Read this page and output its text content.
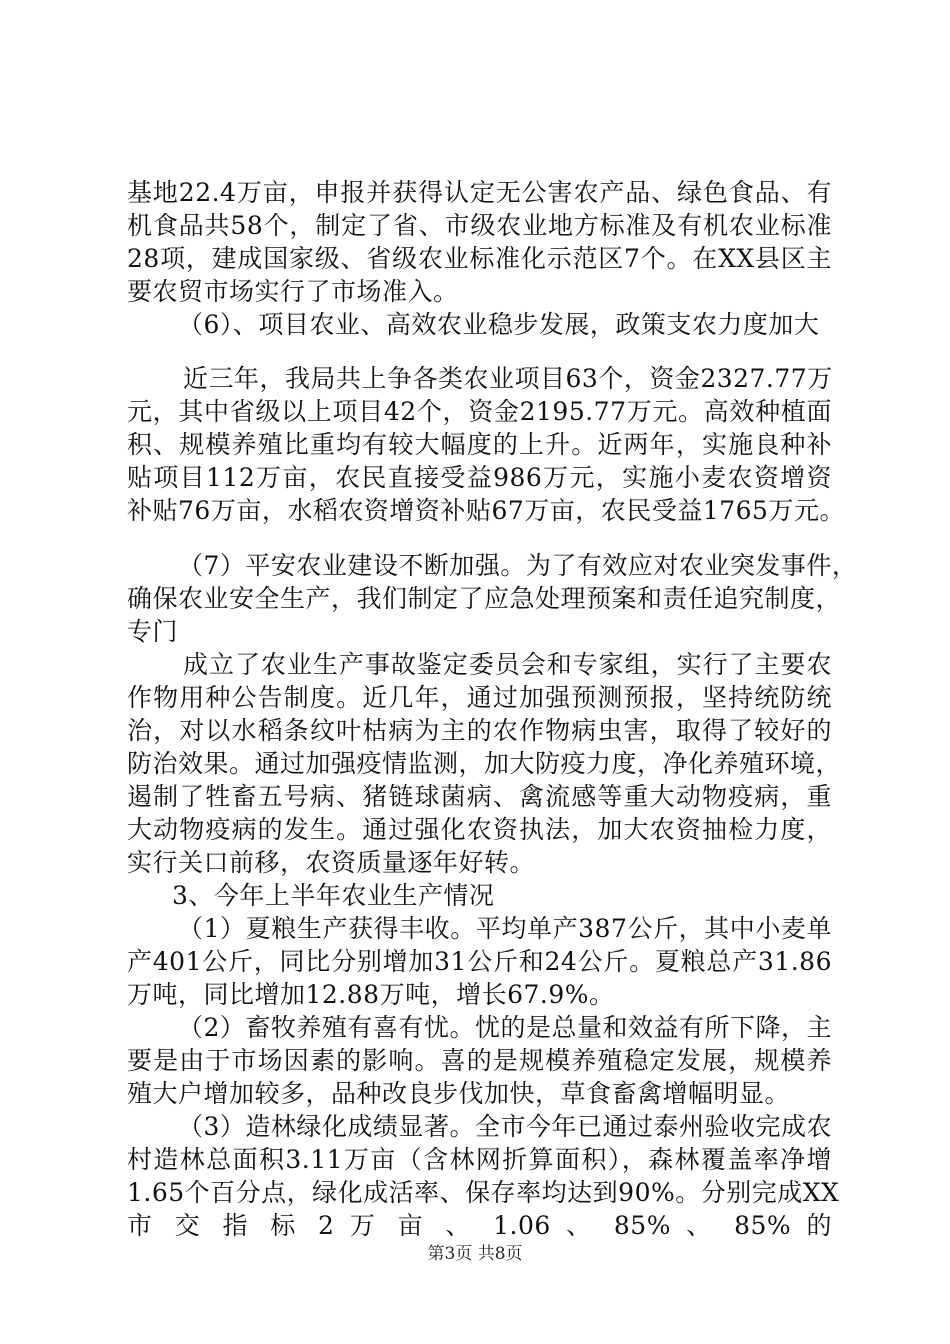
基地22.4万亩，申报并获得认定无公害农产品、绿色食品、有
机食品共58个，制定了省、市级农业地方标准及有机农业标准
28项，建成国家级、省级农业标准化示范区7个。在XX县区主
要农贸市场实行了市场准入。
（6）、项目农业、高效农业稳步发展，政策支农力度加大
近三年，我局共上争各类农业项目63个，资金2327.77万
元，其中省级以上项目42个，资金2195.77万元。高效种植面
积、规模养殖比重均有较大幅度的上升。近两年，实施良种补
贴项目112万亩，农民直接受益986万元，实施小麦农资增资
补贴76万亩，水稻农资增资补贴67万亩，农民受益1765万元。
（7）平安农业建设不断加强。为了有效应对农业突发事件，
确保农业安全生产，我们制定了应急处理预案和责任追究制度，
专门
成立了农业生产事故鉴定委员会和专家组，实行了主要农
作物用种公告制度。近几年，通过加强预测预报，坚持统防统
治，对以水稻条纹叶枯病为主的农作物病虫害，取得了较好的
防治效果。通过加强疫情监测，加大防疫力度，净化养殖环境，
遏制了牲畜五号病、猪链球菌病、禽流感等重大动物疫病，重
大动物疫病的发生。通过强化农资执法，加大农资抽检力度，
实行关口前移，农资质量逐年好转。
3、今年上半年农业生产情况
（1）夏粮生产获得丰收。平均单产387公斤，其中小麦单
产401公斤，同比分别增加31公斤和24公斤。夏粮总产31.86
万吨，同比增加12.88万吨，增长67.9%。
（2）畜牧养殖有喜有忧。忧的是总量和效益有所下降，主
要是由于市场因素的影响。喜的是规模养殖稳定发展，规模养
殖大户增加较多，品种改良步伐加快，草食畜禽增幅明显。
（3）造林绿化成绩显著。全市今年已通过泰州验收完成农
村造林总面积3.11万亩（含林网折算面积），森林覆盖率净增
1.65个百分点，绿化成活率、保存率均达到90%。分别完成XX
市 交 指 标 2 万 亩 、 1.06 、 85% 、 85% 的
第3页 共8页
